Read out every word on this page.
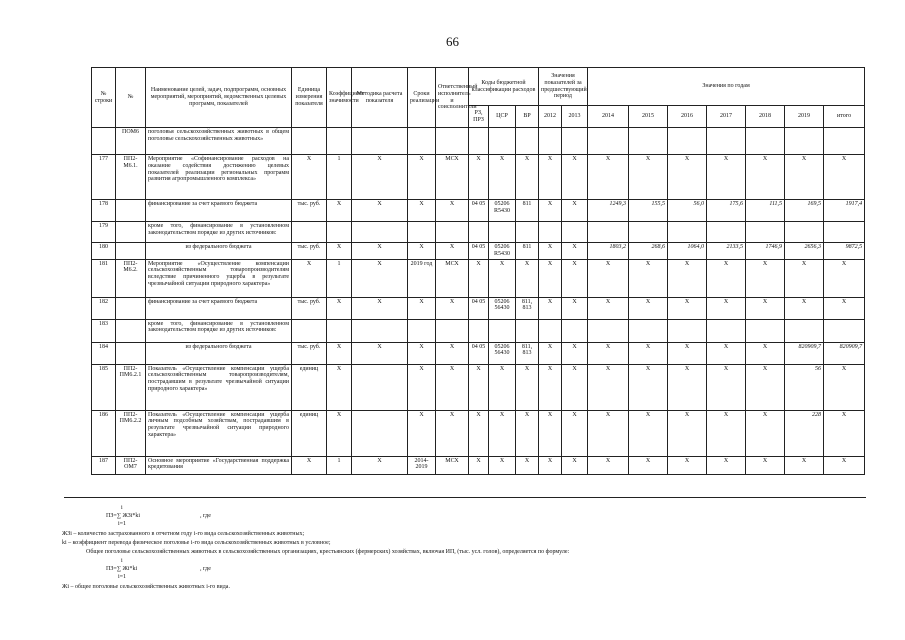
66
№ строки	№	Наименование целей, задач, подпрограмм, основных мероприятий, мероприятий, ведомственных целевых программ, показателей	Единица измерения показателя	Коэффициент значимости	Методика расчета показателя	Сроки реализации	Ответственный исполнитель и соисполнители	Коды бюджетной классификации расходов			Значения показателей за предшествующий период		Значения по годам						
								РЗ, ПРЗ	ЦСР	ВР	2012	2013	2014	2015	2016	2017	2018	2019	итого
	ПОМ6	поголовья сельскохозяйственных животных в общем поголовье сельскохозяйственных животных»																	
177	ПП2-М6.1.	Мероприятие «Софинансирование расходов на оказание содействия достижению целевых показателей реализации региональных программ развития агропромышленного комплекса»	X	1	X	X	МСХ	X	X	X	X	X	X	X	X	X	X	X	X
178		финансирование за счет краевого бюджета	тыс. руб.	X	X	X	X	04 05	05206 R5430	811	X	X	1249,3	155,5	56,0	175,6	111,5	169,5	1917,4
179		кроме того, финансирование в установленном законодательством порядке из других источников:																	
180		из федерального бюджета	тыс. руб.	X	X	X	X	04 05	05206 R5430	811	X	X	1803,2	268,6	1064,0	2133,5	1746,9	2656,3	9872,5
181	ПП2-М6.2.	Мероприятие «Осуществление компенсации сельскохозяйственным товаропроизводителям вследствие причиненного ущерба в результате чрезвычайной ситуации природного характера»	X	1	X	2019 год	МСХ	X	X	X	X	X	X	X	X	X	X	X	X
182		финансирование за счет краевого бюджета	тыс. руб.	X	X	X	X	04 05	05206 56430	811, 813	X	X	X	X	X	X	X	X	X
183		кроме того, финансирование в установленном законодательством порядке из других источников:																	
184		из федерального бюджета	тыс. руб.	X	X	X	X	04 05	05206 56430	811, 813	X	X	X	X	X	X	X	820909,7	820909,7
185	ПП2-ПМ6.2.1	Показатель «Осуществление компенсации ущерба сельскохозяйственным товаропроизводителям, пострадавшим в результате чрезвычайной ситуации природного характера»	единиц	X		X	X	X	X	X	X	X	X	X	X	X	X	56	X
186	ПП2-ПМ6.2.2	Показатель «Осуществление компенсации ущерба личным подсобным хозяйствам, пострадавшим в результате чрезвычайной ситуации природного характера»	единиц	X		X	X	X	X	X	X	X	X	X	X	X	X	228	X
187	ПП2-ОМ7	Основное мероприятие «Государственная поддержка кредитования	X	1	X	2014-2019	МСХ	X	X	X	X	X	X	X	X	X	X	X	X
i
ПЗ=∑ ЖЗi*ki	, где
i=1
ЖЗi – количество застрахованного в отчетном году i-го вида сельскохозяйственных животных;
ki – коэффициент перевода физическое поголовье i-го вида сельскохозяйственных животных в условное;
Общее поголовье сельскохозяйственных животных в сельскохозяйственных организациях, крестьянских (фермерских) хозяйствах, включая ИП, (тыс. усл. голов), определяется по формуле:
i
ПЗ=∑ Жi*ki	, где
i=1
Жi – общее поголовье сельскохозяйственных животных i-го вида.
